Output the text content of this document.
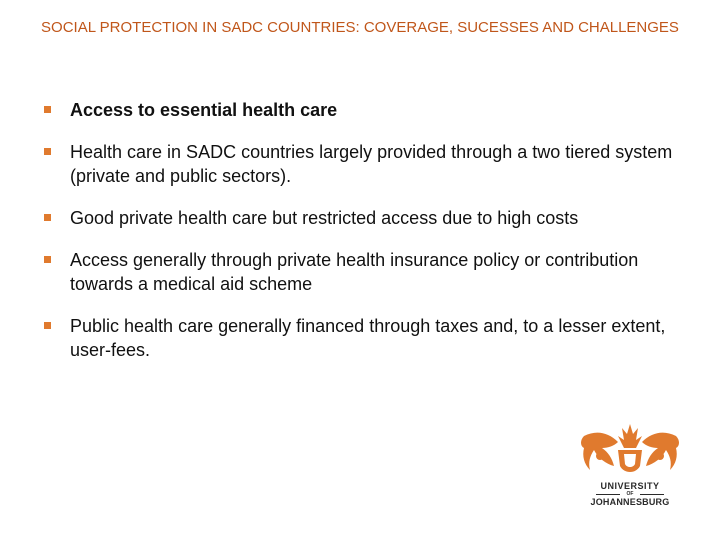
SOCIAL PROTECTION IN SADC COUNTRIES: COVERAGE, SUCESSES AND CHALLENGES
Access to essential health care
Health care in SADC countries largely provided through a two tiered system (private and public sectors).
Good private health care but restricted access due to high costs
Access generally through private health insurance policy or contribution towards a medical aid scheme
Public health care generally financed through taxes and, to a lesser extent, user-fees.
UNIVERSITY
OF
JOHANNESBURG
